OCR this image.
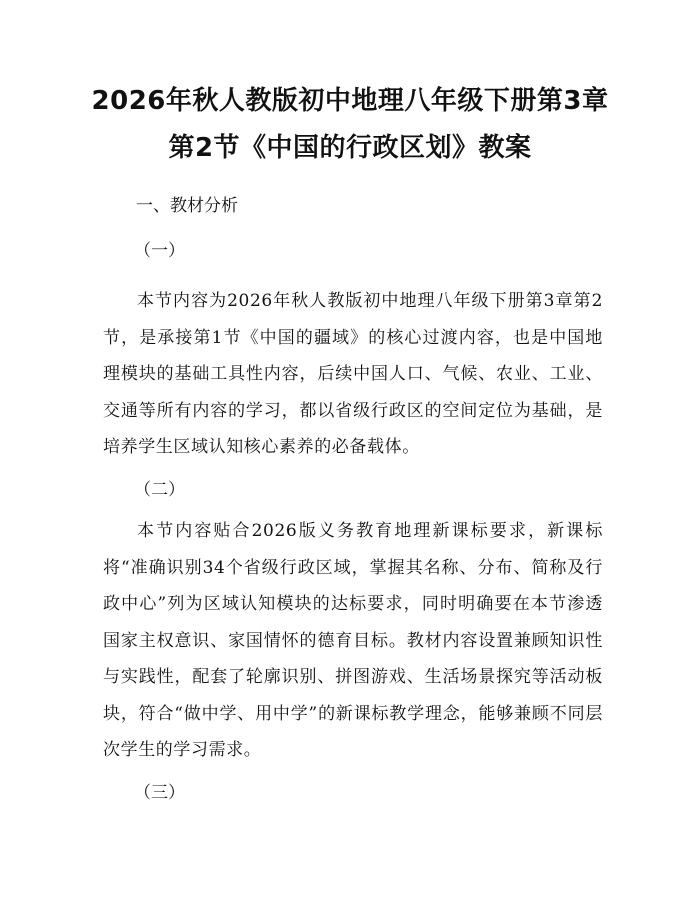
2026年秋人教版初中地理八年级下册第3章
第2节《中国的行政区划》教案
一、教材分析
（一）

本节内容为2026年秋人教版初中地理八年级下册第3章第2节，是承接第1节《中国的疆域》的核心过渡内容，也是中国地理模块的基础工具性内容，后续中国人口、气候、农业、工业、交通等所有内容的学习，都以省级行政区的空间定位为基础，是培养学生区域认知核心素养的必备载体。

（二）

本节内容贴合2026版义务教育地理新课标要求，新课标将“准确识别34个省级行政区域，掌握其名称、分布、简称及行政中心”列为区域认知模块的达标要求，同时明确要在本节渗透国家主权意识、家国情怀的德育目标。教材内容设置兼顾知识性与实践性，配套了轮廓识别、拼图游戏、生活场景探究等活动板块，符合“做中学、用中学”的新课标教学理念，能够兼顾不同层次学生的学习需求。

（三）
